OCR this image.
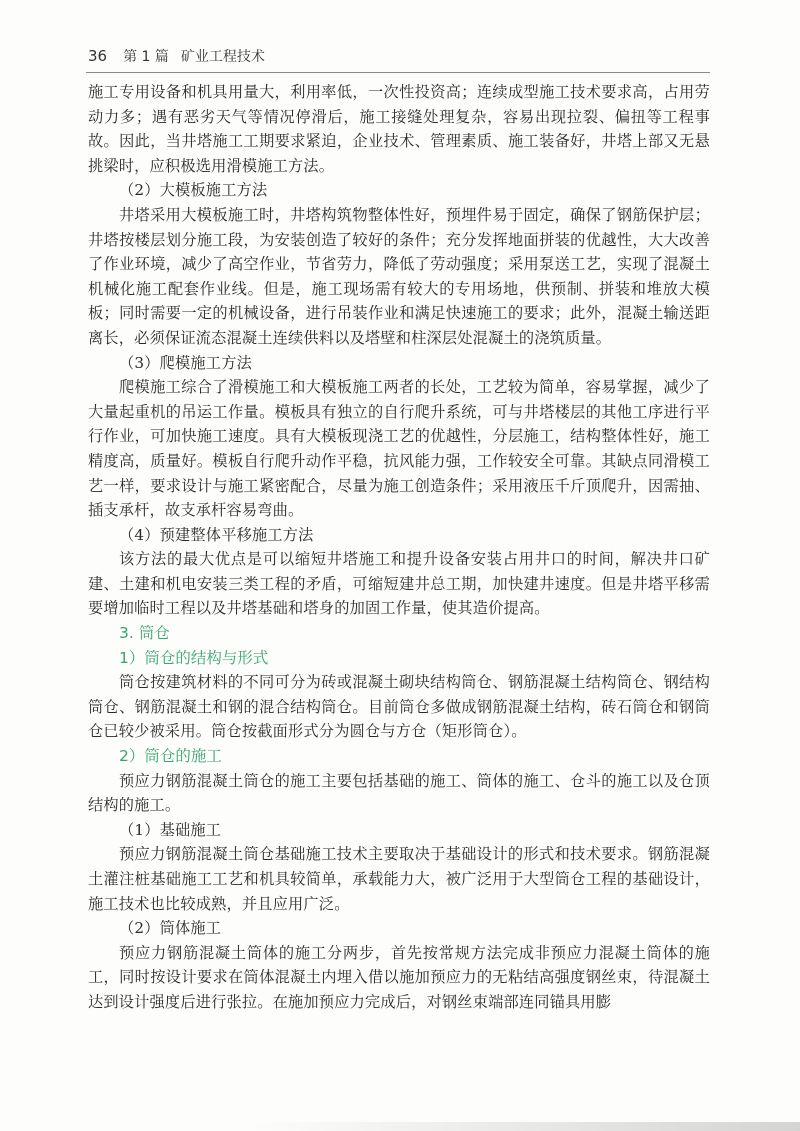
36 第 1 篇 矿业工程技术

施工专用设备和机具用量大，利用率低，一次性投资高；连续成型施工技术要求高，占用劳动力多；遇有恶劣天气等情况停滑后，施工接缝处理复杂，容易出现拉裂、偏扭等工程事故。因此，当井塔施工工期要求紧迫，企业技术、管理素质、施工装备好，井塔上部又无悬挑梁时，应积极选用滑模施工方法。

（2）大模板施工方法

井塔采用大模板施工时，井塔构筑物整体性好，预埋件易于固定，确保了钢筋保护层；井塔按楼层划分施工段，为安装创造了较好的条件；充分发挥地面拼装的优越性，大大改善了作业环境，减少了高空作业，节省劳力，降低了劳动强度；采用泵送工艺，实现了混凝土机械化施工配套作业线。但是，施工现场需有较大的专用场地，供预制、拼装和堆放大模板；同时需要一定的机械设备，进行吊装作业和满足快速施工的要求；此外，混凝土输送距离长，必须保证流态混凝土连续供料以及塔壁和柱深层处混凝土的浇筑质量。

（3）爬模施工方法

爬模施工综合了滑模施工和大模板施工两者的长处，工艺较为简单，容易掌握，减少了大量起重机的吊运工作量。模板具有独立的自行爬升系统，可与井塔楼层的其他工序进行平行作业，可加快施工速度。具有大模板现浇工艺的优越性，分层施工，结构整体性好，施工精度高，质量好。模板自行爬升动作平稳，抗风能力强，工作较安全可靠。其缺点同滑模工艺一样，要求设计与施工紧密配合，尽量为施工创造条件；采用液压千斤顶爬升，因需抽、插支承杆，故支承杆容易弯曲。

（4）预建整体平移施工方法

该方法的最大优点是可以缩短井塔施工和提升设备安装占用井口的时间，解决井口矿建、土建和机电安装三类工程的矛盾，可缩短建井总工期，加快建井速度。但是井塔平移需要增加临时工程以及井塔基础和塔身的加固工作量，使其造价提高。

3. 筒仓

1）筒仓的结构与形式

筒仓按建筑材料的不同可分为砖或混凝土砌块结构筒仓、钢筋混凝土结构筒仓、钢结构筒仓、钢筋混凝土和钢的混合结构筒仓。目前筒仓多做成钢筋混凝土结构，砖石筒仓和钢筒仓已较少被采用。筒仓按截面形式分为圆仓与方仓（矩形筒仓）。

2）筒仓的施工

预应力钢筋混凝土筒仓的施工主要包括基础的施工、筒体的施工、仓斗的施工以及仓顶结构的施工。

（1）基础施工

预应力钢筋混凝土筒仓基础施工技术主要取决于基础设计的形式和技术要求。钢筋混凝土灌注桩基础施工工艺和机具较简单，承载能力大，被广泛用于大型筒仓工程的基础设计，施工技术也比较成熟，并且应用广泛。

（2）筒体施工

预应力钢筋混凝土筒体的施工分两步，首先按常规方法完成非预应力混凝土筒体的施工，同时按设计要求在筒体混凝土内埋入借以施加预应力的无粘结高强度钢丝束，待混凝土达到设计强度后进行张拉。在施加预应力完成后，对钢丝束端部连同锚具用膨
